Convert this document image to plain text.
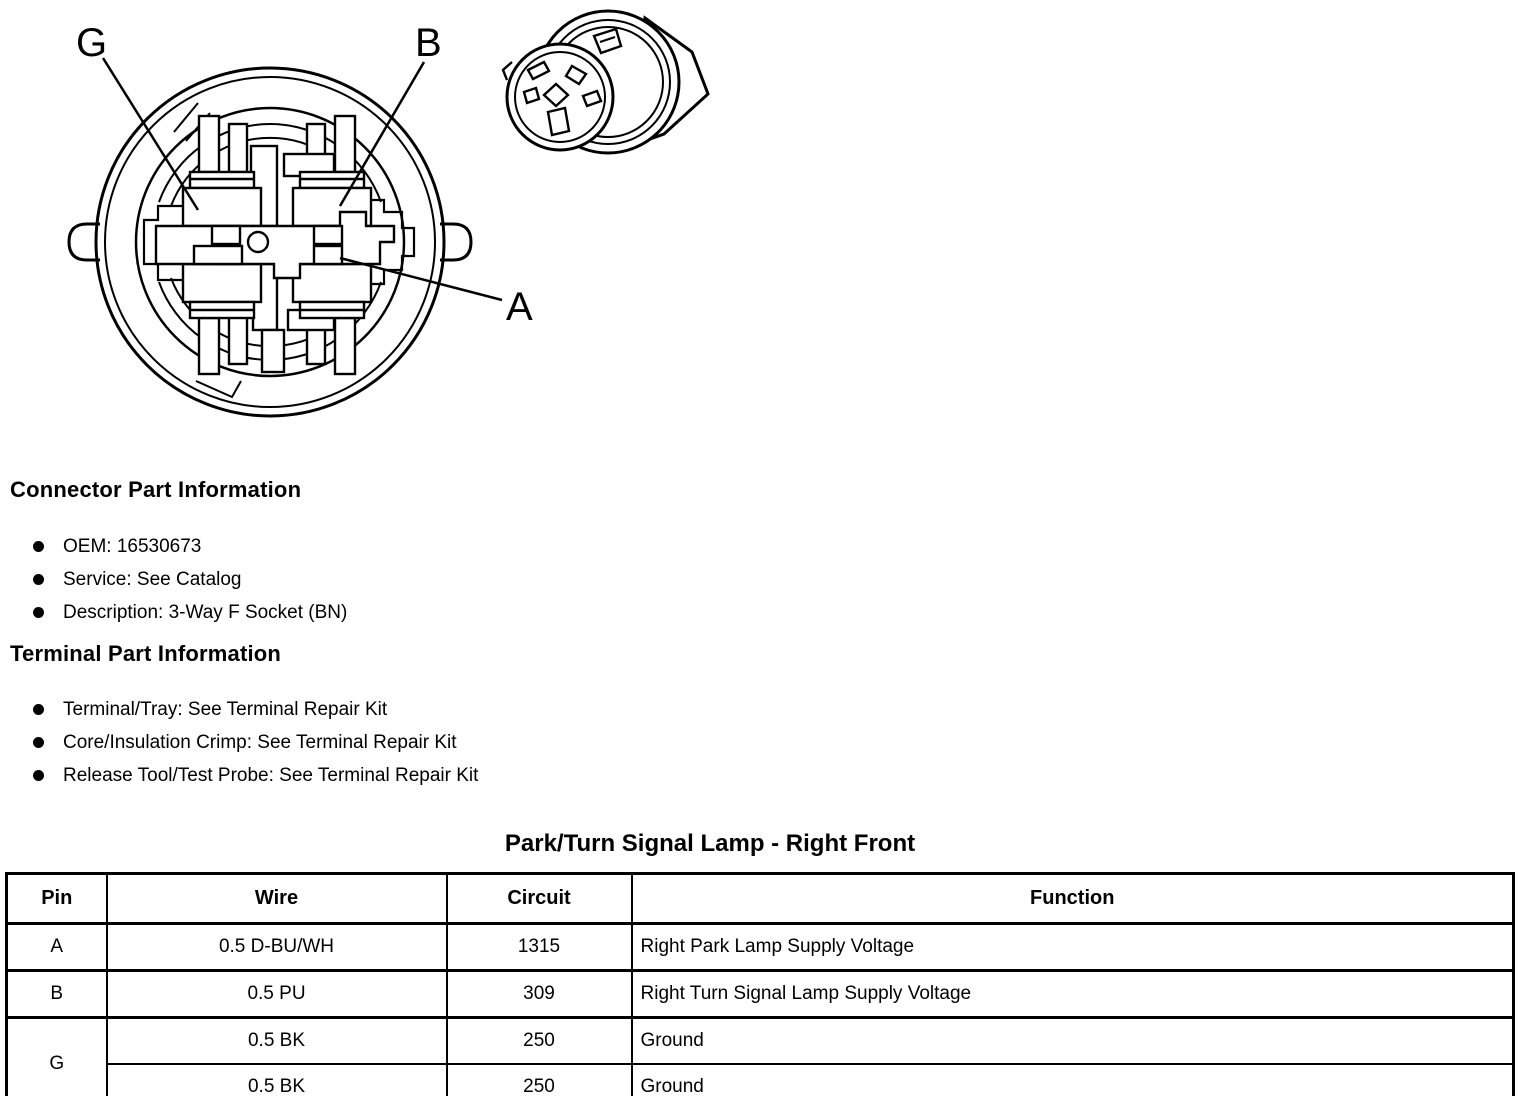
G	B
A
Connector Part Information
OEM: 16530673
Service: See Catalog
Description: 3-Way F Socket (BN)
Terminal Part Information
Terminal/Tray: See Terminal Repair Kit
Core/Insulation Crimp: See Terminal Repair Kit
Release Tool/Test Probe: See Terminal Repair Kit
Park/Turn Signal Lamp - Right Front
Pin	Wire	Circuit	Function
A	0.5 D-BU/WH	1315	Right Park Lamp Supply Voltage
B	0.5 PU	309	Right Turn Signal Lamp Supply Voltage
G	0.5 BK	250	Ground
	0.5 BK	250	Ground
